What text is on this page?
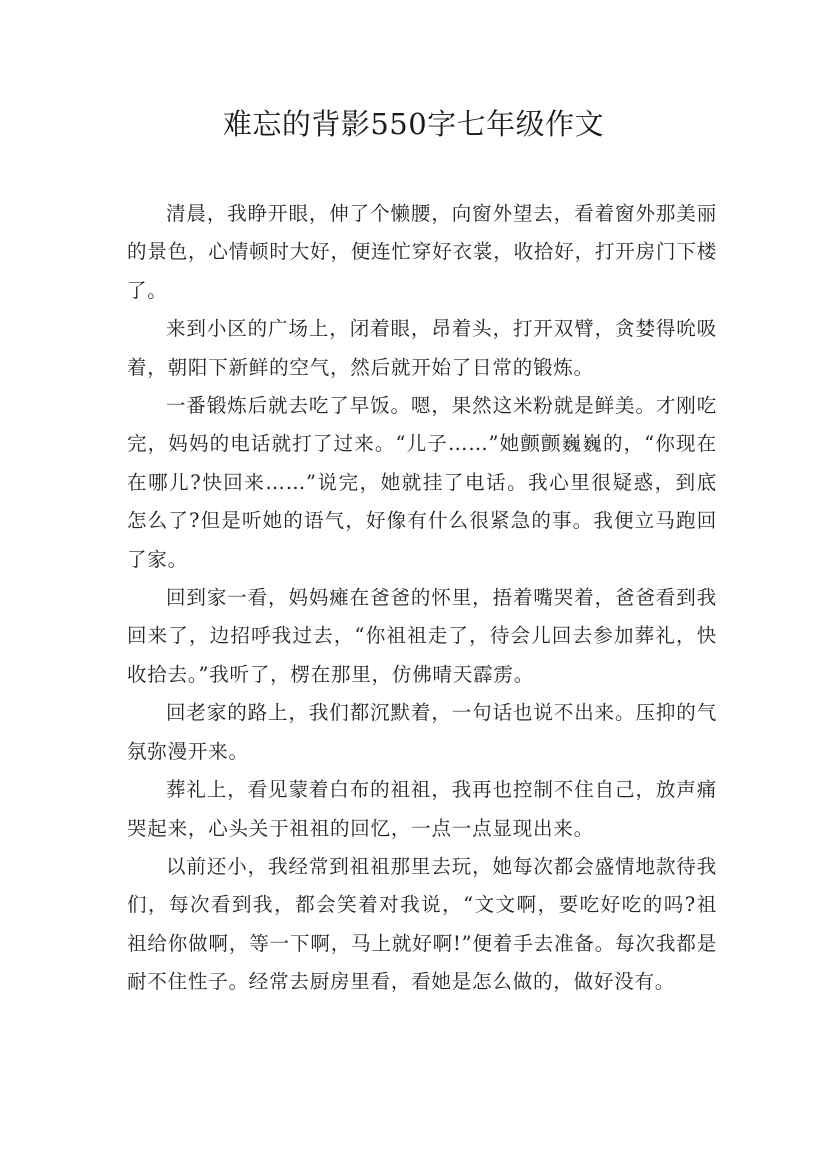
难忘的背影550字七年级作文

清晨，我睁开眼，伸了个懒腰，向窗外望去，看着窗外那美丽的景色，心情顿时大好，便连忙穿好衣裳，收拾好，打开房门下楼了。

来到小区的广场上，闭着眼，昂着头，打开双臂，贪婪得吮吸着，朝阳下新鲜的空气，然后就开始了日常的锻炼。

一番锻炼后就去吃了早饭。嗯，果然这米粉就是鲜美。才刚吃完，妈妈的电话就打了过来。“儿子……”她颤颤巍巍的，“你现在在哪儿?快回来……”说完，她就挂了电话。我心里很疑惑，到底怎么了?但是听她的语气，好像有什么很紧急的事。我便立马跑回了家。

回到家一看，妈妈瘫在爸爸的怀里，捂着嘴哭着，爸爸看到我回来了，边招呼我过去，“你祖祖走了，待会儿回去参加葬礼，快收拾去。”我听了，楞在那里，仿佛晴天霹雳。

回老家的路上，我们都沉默着，一句话也说不出来。压抑的气氛弥漫开来。

葬礼上，看见蒙着白布的祖祖，我再也控制不住自己，放声痛哭起来，心头关于祖祖的回忆，一点一点显现出来。

以前还小，我经常到祖祖那里去玩，她每次都会盛情地款待我们，每次看到我，都会笑着对我说，“文文啊，要吃好吃的吗?祖祖给你做啊，等一下啊，马上就好啊!”便着手去准备。每次我都是耐不住性子。经常去厨房里看，看她是怎么做的，做好没有。
